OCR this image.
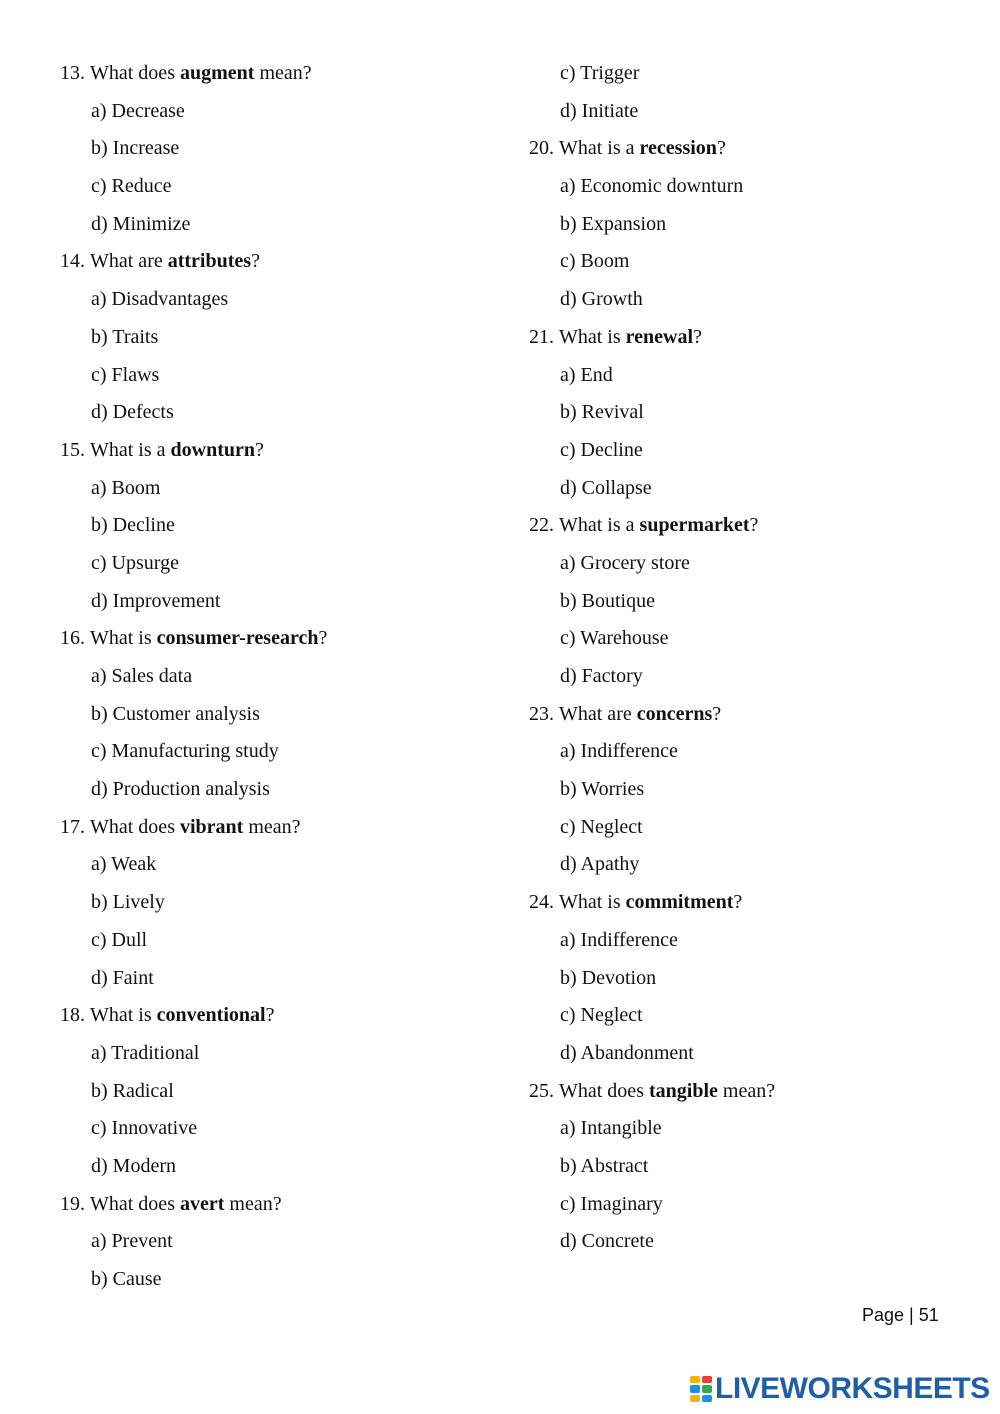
13. What does augment mean?
a) Decrease
b) Increase
c) Reduce
d) Minimize
14. What are attributes?
a) Disadvantages
b) Traits
c) Flaws
d) Defects
15. What is a downturn?
a) Boom
b) Decline
c) Upsurge
d) Improvement
16. What is consumer-research?
a) Sales data
b) Customer analysis
c) Manufacturing study
d) Production analysis
17. What does vibrant mean?
a) Weak
b) Lively
c) Dull
d) Faint
18. What is conventional?
a) Traditional
b) Radical
c) Innovative
d) Modern
19. What does avert mean?
a) Prevent
b) Cause
c) Trigger
d) Initiate
20. What is a recession?
a) Economic downturn
b) Expansion
c) Boom
d) Growth
21. What is renewal?
a) End
b) Revival
c) Decline
d) Collapse
22. What is a supermarket?
a) Grocery store
b) Boutique
c) Warehouse
d) Factory
23. What are concerns?
a) Indifference
b) Worries
c) Neglect
d) Apathy
24. What is commitment?
a) Indifference
b) Devotion
c) Neglect
d) Abandonment
25. What does tangible mean?
a) Intangible
b) Abstract
c) Imaginary
d) Concrete
Page | 51
LIVEWORKSHEETS
